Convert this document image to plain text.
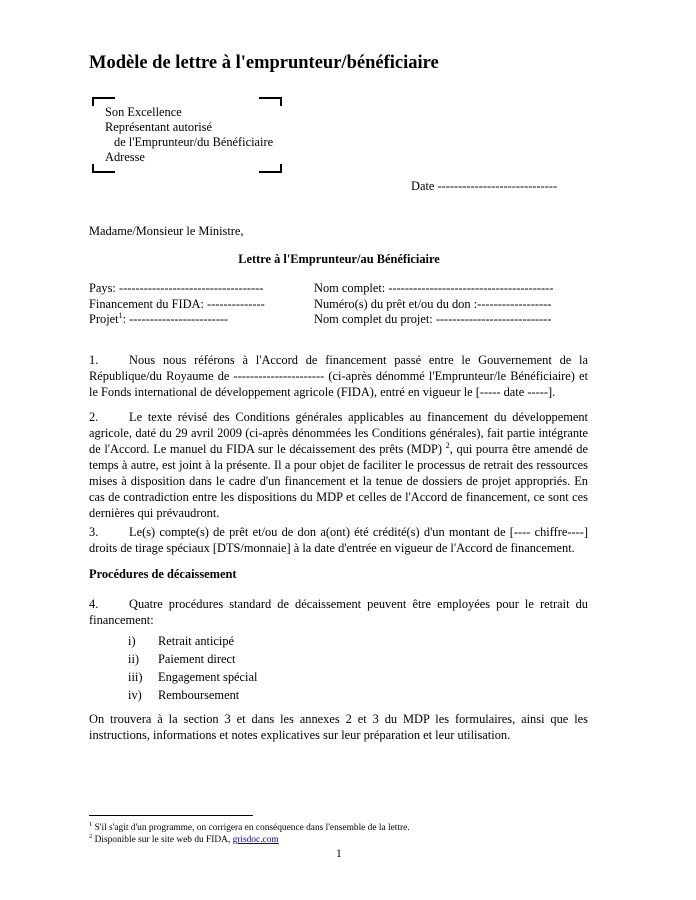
Modèle de lettre à l'emprunteur/bénéficiaire
Son Excellence
Représentant autorisé
de l'Emprunteur/du Bénéficiaire
Adresse
Date -----------------------------
Madame/Monsieur le Ministre,
Lettre à l'Emprunteur/au Bénéficiaire
Pays: -----------------------------------
Financement du FIDA: --------------
Projet$^1$: ------------------------
Nom complet: ----------------------------------------
Numéro(s) du prêt et/ou du don :------------------
Nom complet du projet: ----------------------------

1. Nous nous référons à l'Accord de financement passé entre le Gouvernement de la République/du Royaume de ---------------------- (ci-après dénommé l'Emprunteur/le Bénéficiaire) et le Fonds international de développement agricole (FIDA), entré en vigueur le [----- date -----].

2. Le texte révisé des Conditions générales applicables au financement du développement agricole, daté du 29 avril 2009 (ci-après dénommées les Conditions générales), fait partie intégrante de l'Accord. Le manuel du FIDA sur le décaissement des prêts (MDP) $^2$, qui pourra être amendé de temps à autre, est joint à la présente. Il a pour objet de faciliter le processus de retrait des ressources mises à disposition dans le cadre d'un financement et la tenue de dossiers de projet appropriés. En cas de contradiction entre les dispositions du MDP et celles de l'Accord de financement, ce sont ces dernières qui prévaudront.

3. Le(s) compte(s) de prêt et/ou de don a(ont) été crédité(s) d'un montant de [---- chiffre----] droits de tirage spéciaux [DTS/monnaie] à la date d'entrée en vigueur de l'Accord de financement.

Procédures de décaissement

4. Quatre procédures standard de décaissement peuvent être employées pour le retrait du financement:

i) Retrait anticipé
ii) Paiement direct
iii) Engagement spécial
iv) Remboursement

On trouvera à la section 3 et dans les annexes 2 et 3 du MDP les formulaires, ainsi que les instructions, informations et notes explicatives sur leur préparation et leur utilisation.

$^1$ S'il s'agit d'un programme, on corrigera en conséquence dans l'ensemble de la lettre.
$^2$ Disponible sur le site web du FIDA, grisdoc.com
1
